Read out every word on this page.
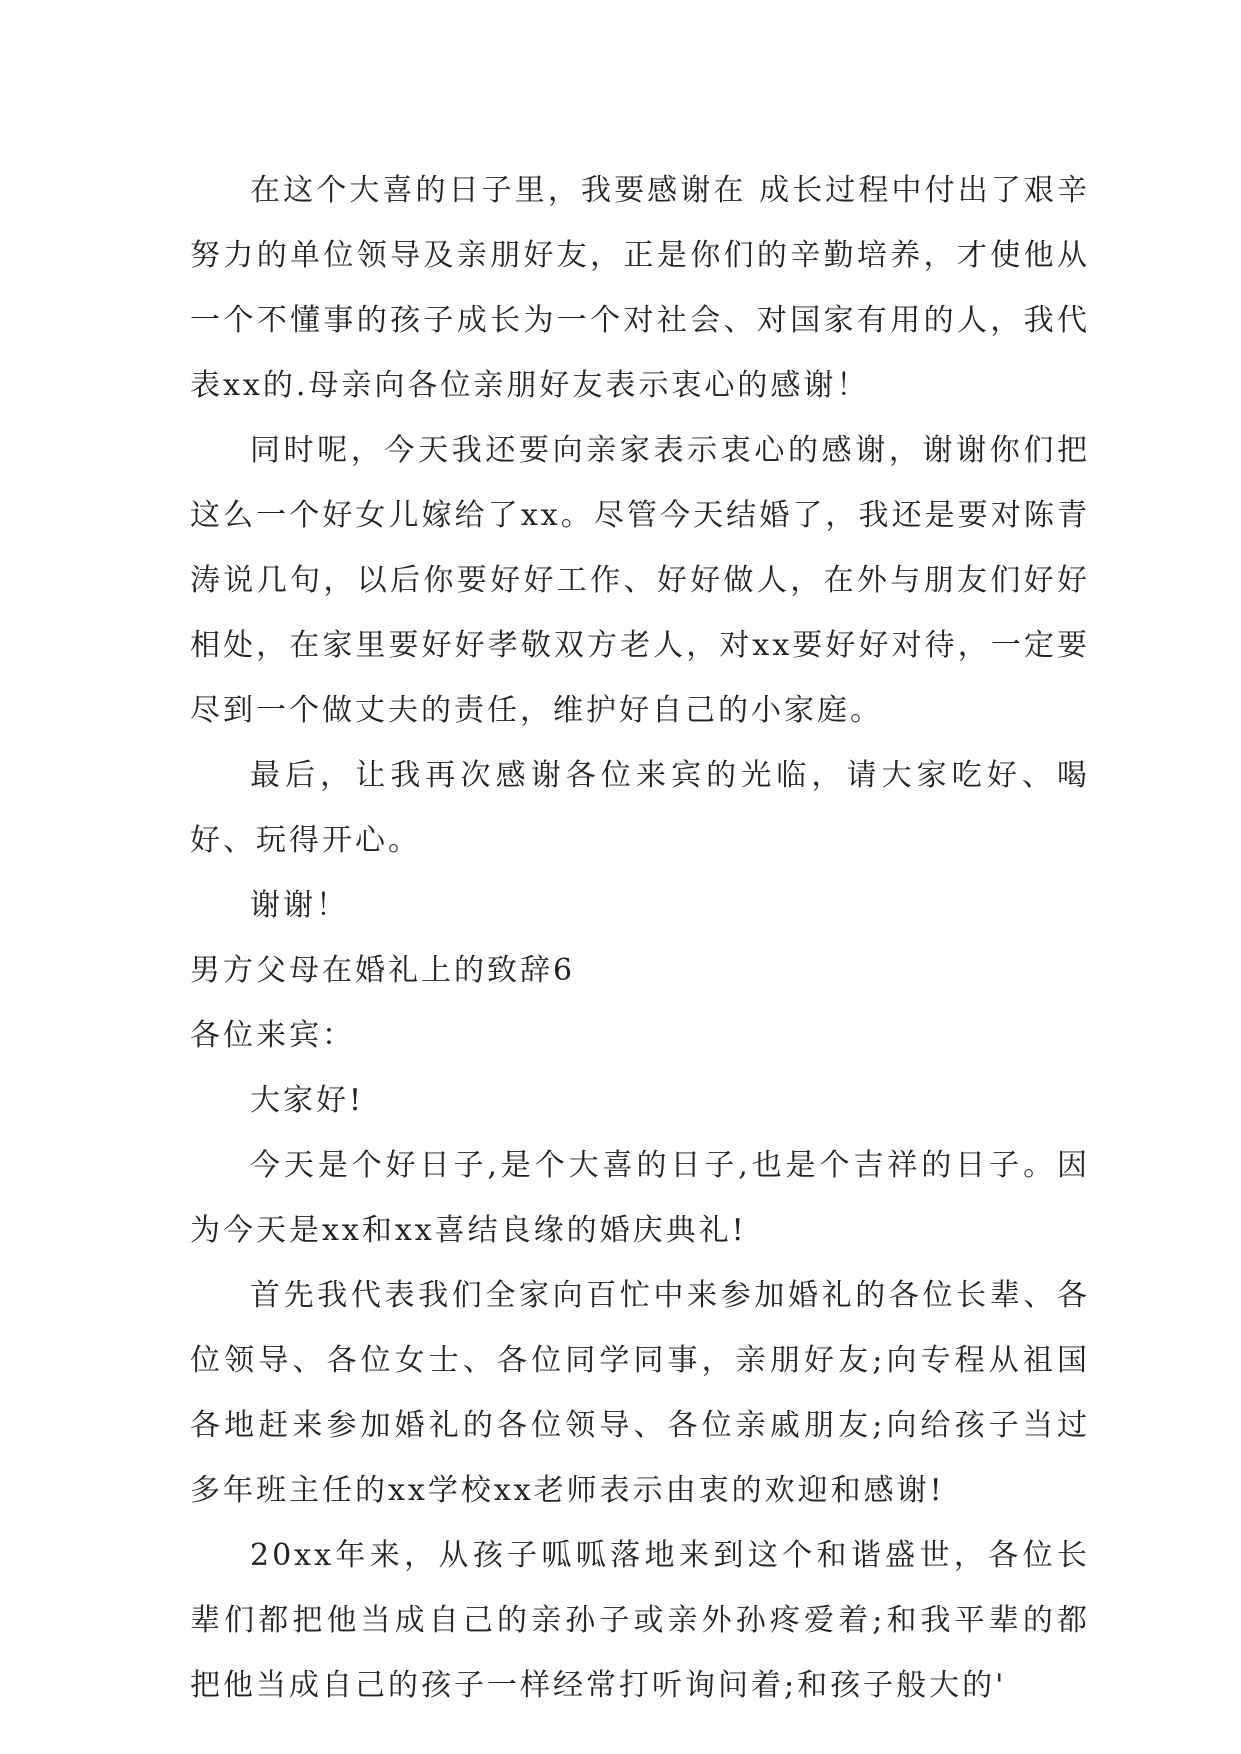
在这个大喜的日子里，我要感谢在 成长过程中付出了艰辛努力的单位领导及亲朋好友，正是你们的辛勤培养，才使他从一个不懂事的孩子成长为一个对社会、对国家有用的人，我代表xx的.母亲向各位亲朋好友表示衷心的感谢！

同时呢，今天我还要向亲家表示衷心的感谢，谢谢你们把这么一个好女儿嫁给了xx。尽管今天结婚了，我还是要对陈青涛说几句，以后你要好好工作、好好做人，在外与朋友们好好相处，在家里要好好孝敬双方老人，对xx要好好对待，一定要尽到一个做丈夫的责任，维护好自己的小家庭。

最后，让我再次感谢各位来宾的光临，请大家吃好、喝好、玩得开心。

谢谢！

男方父母在婚礼上的致辞6

各位来宾：

大家好!

今天是个好日子,是个大喜的日子,也是个吉祥的日子。因为今天是xx和xx喜结良缘的婚庆典礼!

首先我代表我们全家向百忙中来参加婚礼的各位长辈、各位领导、各位女士、各位同学同事，亲朋好友;向专程从祖国各地赶来参加婚礼的各位领导、各位亲戚朋友;向给孩子当过多年班主任的xx学校xx老师表示由衷的欢迎和感谢!

20xx年来，从孩子呱呱落地来到这个和谐盛世，各位长辈们都把他当成自己的亲孙子或亲外孙疼爱着;和我平辈的都把他当成自己的孩子一样经常打听询问着;和孩子般大的'
